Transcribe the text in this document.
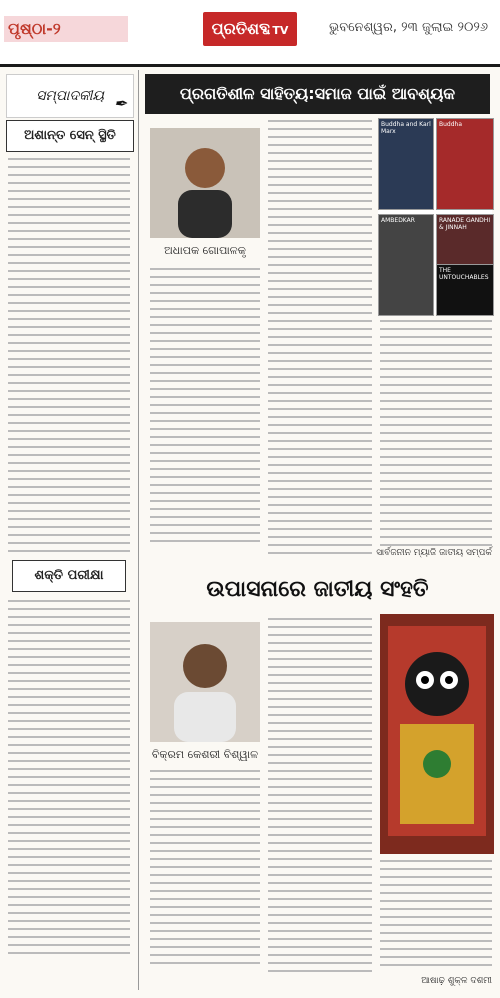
ପୃଷ୍ଠା-୨	ପ୍ରତିଶବ୍ଦ TV	ଭୁବନେଶ୍ୱର, ୨୩ ଜୁଲାଇ ୨୦୨୬
ସମ୍ପାଦକୀୟ ✒
ଅଶାନ୍ତ ସେନ୍ ସ୍ଥିତି
ଶକ୍ତି ପରୀକ୍ଷା
ପ୍ରଗତିଶୀଳ ସାହିତ୍ୟ:ସମାଜ ପାଇଁ ଆବଶ୍ୟକ
ଅଧାପକ ଗୋପାଳକୃ
Buddha and Karl Marx
Buddha
AMBEDKAR	RANADE GANDHI & JINNAH
THE UNTOUCHABLES
ସାର୍ବଜନୀନ ମ୍ୟାଜି ଜାତୀୟ ସମ୍ପର୍କ
ଉପାସନାରେ ଜାତୀୟ ସଂହତି
ବିକ୍ରମ କେଶରୀ ବିଶ୍ୱାଳ
ଆଷାଢ଼ ଶୁକ୍ଳ ଦଶମୀ
